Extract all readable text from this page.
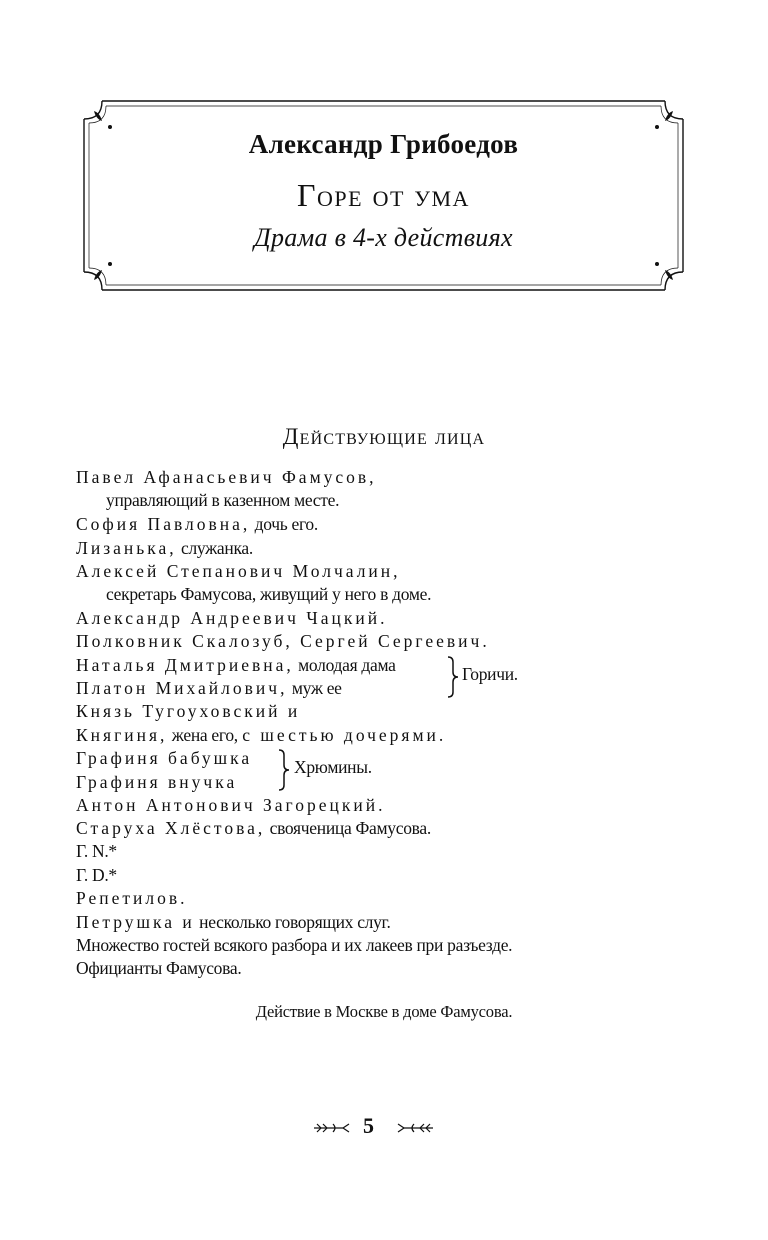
Александр Грибоедов
Горе от ума
Драма в 4-х действиях
Действующие лица
Павел Афанасьевич Фамусов,
управляющий в казенном месте.
София Павловна, дочь его.
Лизанька, служанка.
Алексей Степанович Молчалин,
секретарь Фамусова, живущий у него в доме.
Александр Андреевич Чацкий.
Полковник Скалозуб, Сергей Сергеевич.
Наталья Дмитриевна, молодая дама
Платон Михайлович, муж ее
Князь Тугоуховский и
Княгиня, жена его, с шестью дочерями.
Графиня бабушка
Графиня внучка
Антон Антонович Загорецкий.
Старуха Хлёстова, свояченица Фамусова.
Г. N.*
Г. D.*
Репетилов.
Петрушка и несколько говорящих слуг.
Множество гостей всякого разбора и их лакеев при разъезде.
Официанты Фамусова.
Горичи.
Хрюмины.
Действие в Москве в доме Фамусова.
5
